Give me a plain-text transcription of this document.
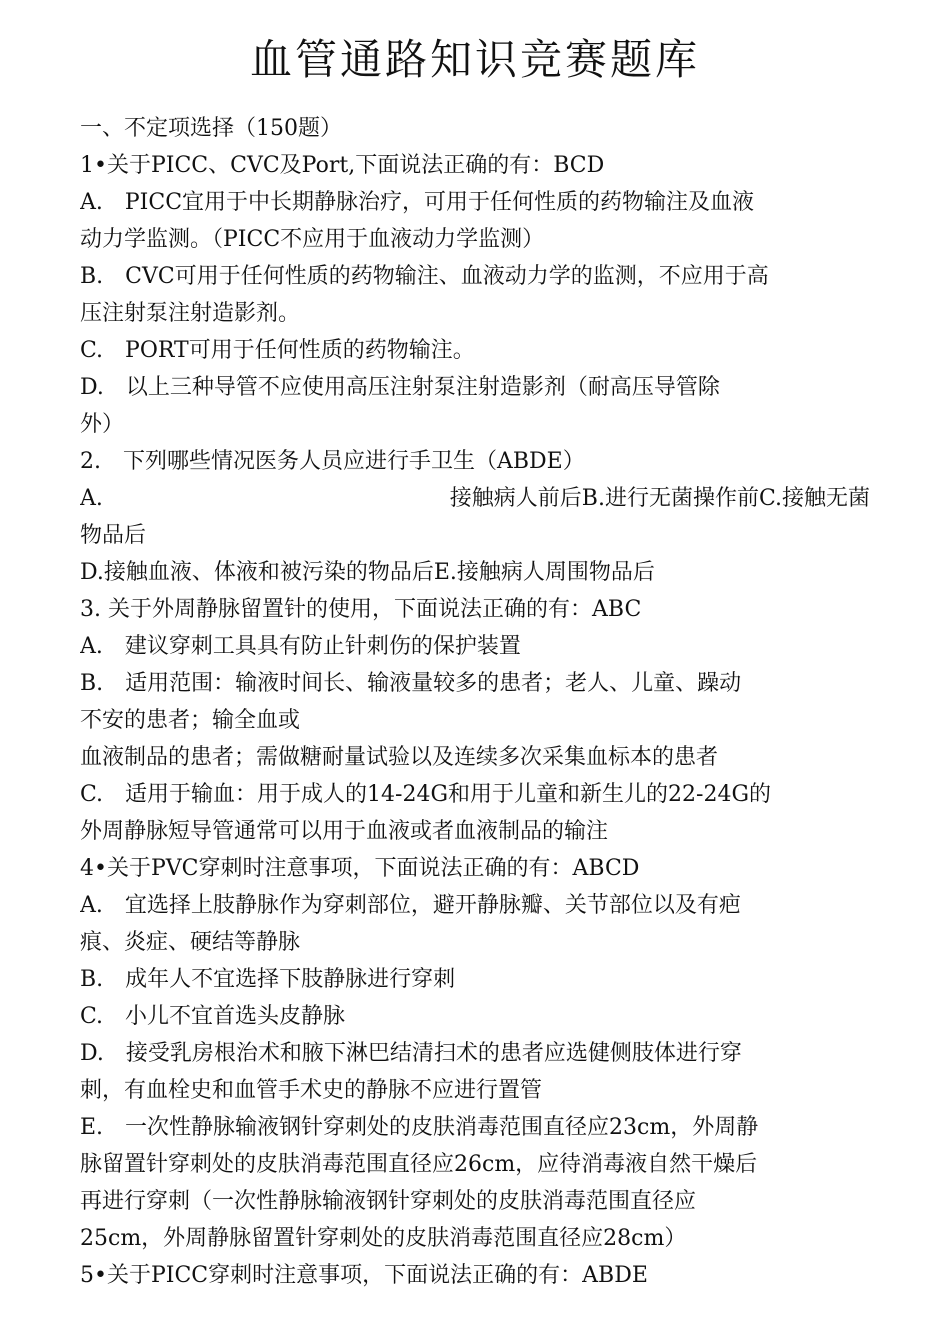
血管通路知识竞赛题库
一、不定项选择（150题）
1•关于PICC、CVC及Port,下面说法正确的有：BCD
A.　PICC宜用于中长期静脉治疗，可用于任何性质的药物输注及血液
动力学监测。（PICC不应用于血液动力学监测）
B.　CVC可用于任何性质的药物输注、血液动力学的监测，不应用于高
压注射泵注射造影剂。
C.　PORT可用于任何性质的药物输注。
D.　以上三种导管不应使用高压注射泵注射造影剂（耐高压导管除
外）
2.　下列哪些情况医务人员应进行手卫生（ABDE）
A.	接触病人前后B.进行无菌操作前C.接触无菌
物品后
D.接触血液、体液和被污染的物品后E.接触病人周围物品后
3. 关于外周静脉留置针的使用，下面说法正确的有：ABC
A.　建议穿刺工具具有防止针刺伤的保护装置
B.　适用范围：输液时间长、输液量较多的患者；老人、儿童、躁动
不安的患者；输全血或
血液制品的患者；需做糖耐量试验以及连续多次采集血标本的患者
C.　适用于输血：用于成人的14-24G和用于儿童和新生儿的22-24G的
外周静脉短导管通常可以用于血液或者血液制品的输注
4•关于PVC穿刺时注意事项，下面说法正确的有：ABCD
A.　宜选择上肢静脉作为穿刺部位，避开静脉瓣、关节部位以及有疤
痕、炎症、硬结等静脉
B.　成年人不宜选择下肢静脉进行穿刺
C.　小儿不宜首选头皮静脉
D.　接受乳房根治术和腋下淋巴结清扫术的患者应选健侧肢体进行穿
刺，有血栓史和血管手术史的静脉不应进行置管
E.　一次性静脉输液钢针穿刺处的皮肤消毒范围直径应23cm，外周静
脉留置针穿刺处的皮肤消毒范围直径应26cm，应待消毒液自然干燥后
再进行穿刺（一次性静脉输液钢针穿刺处的皮肤消毒范围直径应
25cm，外周静脉留置针穿刺处的皮肤消毒范围直径应28cm）
5•关于PICC穿刺时注意事项，下面说法正确的有：ABDE
